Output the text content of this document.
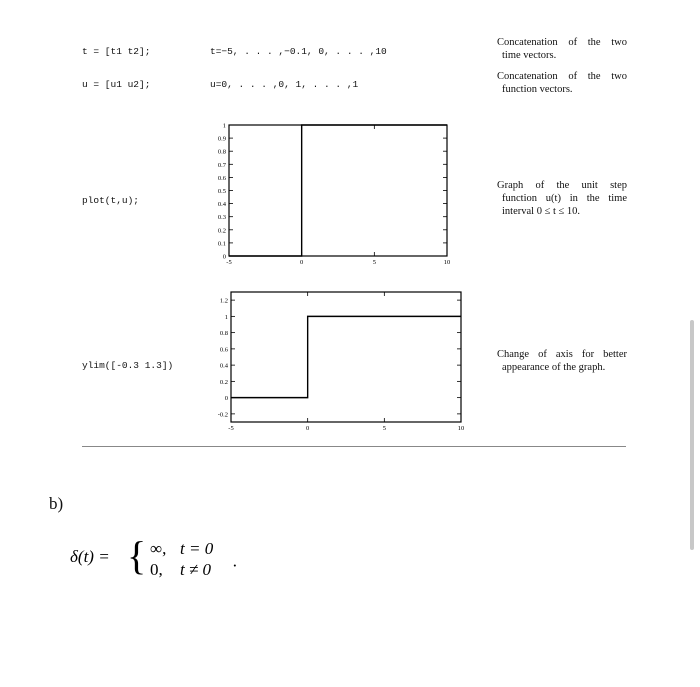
t = [t1 t2];	t=−5, . . . ,−0.1, 0, . . . ,10
Concatenation of the two
time vectors.
u = [u1 u2];	u=0, . . . ,0, 1, . . . ,1
Concatenation of the two
function vectors.
plot(t,u);
Graph of the unit step
function u(t) in the time
interval 0 ≤ t ≤ 10.
ylim([-0.3 1.3])
Change of axis for better
appearance of the graph.
0
0.1
0.2
0.3
0.4
0.5
0.6
0.7
0.8
0.9
1
-5	0	5	10
-0.2
0
0.2
0.4
0.6
0.8
1
1.2
-5	0	5	10
b)
δ(t) = { ∞, t = 0
0, t ≠ 0 ·
